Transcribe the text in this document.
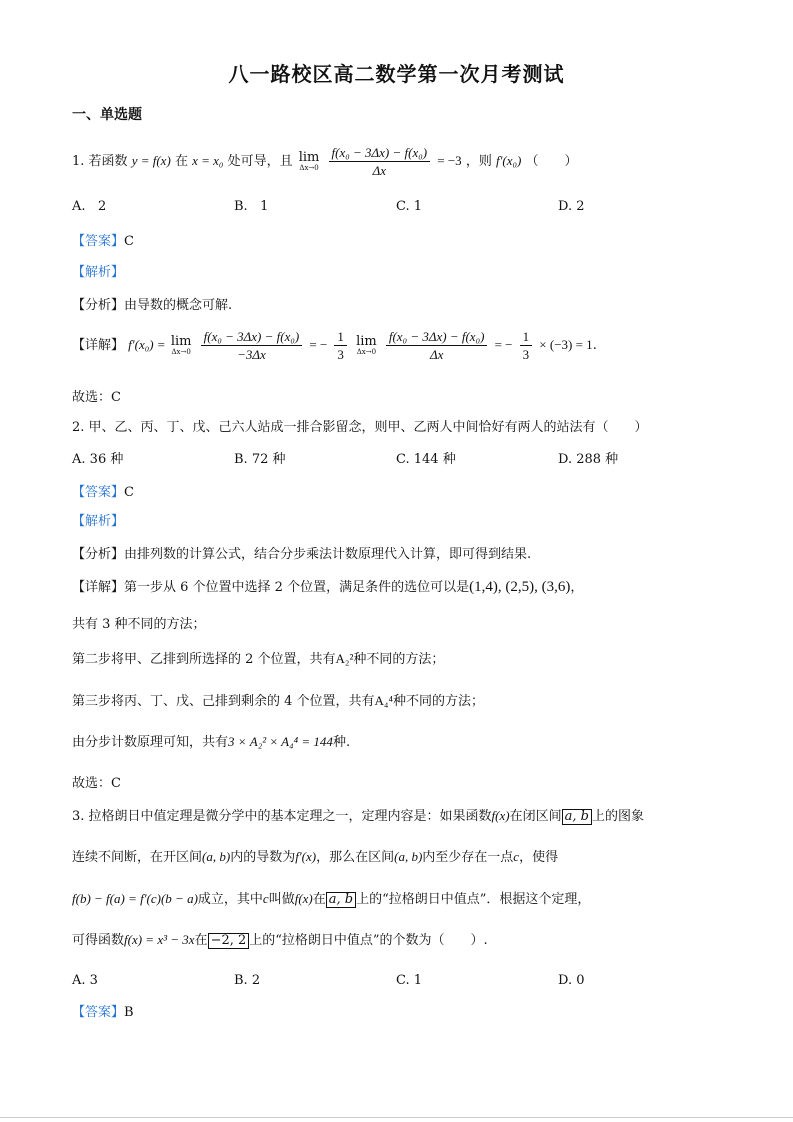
八一路校区高二数学第一次月考测试
一、单选题
1. 若函数 y = f(x) 在 x = x₀ 处可导，且 lim
Δx→0
$\frac{\text{f(x₀ − 3Δx) − f(x₀)}}{\Delta x} = -3$ ，则 f′(x₀) （　　）
A. 2	B. 1	C. 1	D. 2
【答案】C
【解析】
【分析】由导数的概念可解.
【详解】 f′(x₀) = lim
Δx→0
$\frac{\text{f(x₀ − 3Δx) − f(x₀)}}{-3\Delta x}$ = − $\frac{1}{3}$ lim
Δx→0
$\frac{\text{f(x₀ − 3Δx) − f(x₀)}}{\Delta x}$ = − $\frac{1}{3} \times (-3) = 1$.
故选：C
2. 甲、乙、丙、丁、戊、己六人站成一排合影留念，则甲、乙两人中间恰好有两人的站法有（　　）
A. 36 种	B. 72 种	C. 144 种	D. 288 种
【答案】C
【解析】
【分析】由排列数的计算公式，结合分步乘法计数原理代入计算，即可得到结果.
【详解】第一步从 6 个位置中选择 2 个位置，满足条件的选位可以是(1,4), (2,5), (3,6)，
共有 3 种不同的方法；
第二步将甲、乙排到所选择的 2 个位置，共有A₂²种不同的方法；
第三步将丙、丁、戊、己排到剩余的 4 个位置，共有A₄⁴种不同的方法；
由分步计数原理可知，共有3 × A₂² × A₄⁴ = 144种.
故选：C
3. 拉格朗日中值定理是微分学中的基本定理之一，定理内容是：如果函数f(x)在闭区间 a, b 上的图象
连续不间断，在开区间(a, b)内的导数为f′(x)，那么在区间(a, b)内至少存在一点c，使得
f(b) − f(a) = f′(c)(b − a)成立，其中c叫做f(x)在 a, b 上的“拉格朗日中值点”．根据这个定理，
可得函数f(x) = x³ − 3x在 −2, 2 上的“拉格朗日中值点”的个数为（　　）.
A. 3	B. 2	C. 1	D. 0
【答案】B
